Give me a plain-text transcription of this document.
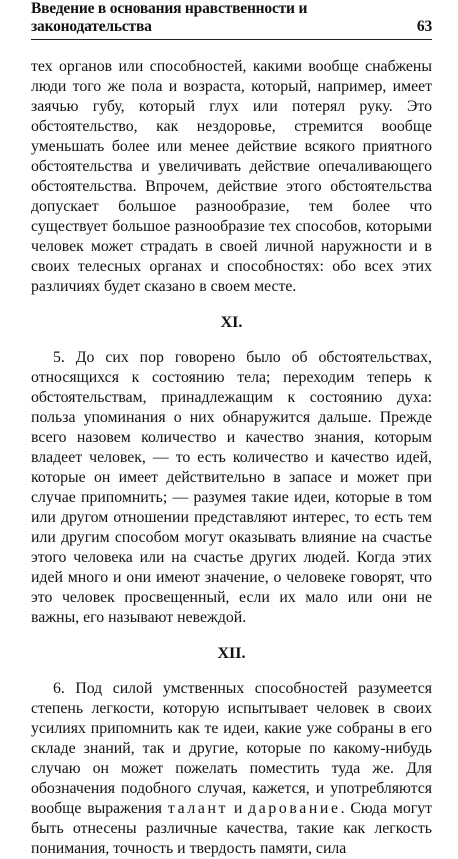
Введение в основания нравственности и законодательства	63

тех органов или способностей, какими вообще снабжены люди того же пола и возраста, который, например, имеет заячью губу, который глух или потерял руку. Это обстоятельство, как нездоровье, стремится вообще уменьшать более или менее действие всякого приятного обстоятельства и увеличивать действие опечаливающего обстоятельства. Впрочем, действие этого обстоятельства допускает большое разнообразие, тем более что существует большое разнообразие тех способов, которыми человек может страдать в своей личной наружности и в своих телесных органах и способностях: обо всех этих различиях будет сказано в своем месте.

XI.

5. До сих пор говорено было об обстоятельствах, относящихся к состоянию тела; переходим теперь к обстоятельствам, принадлежащим к состоянию духа: польза упоминания о них обнаружится дальше. Прежде всего назовем количество и качество знания, которым владеет человек, — то есть количество и качество идей, которые он имеет действительно в запасе и может при случае припомнить; — разумея такие идеи, которые в том или другом отношении представляют интерес, то есть тем или другим способом могут оказывать влияние на счастье этого человека или на счастье других людей. Когда этих идей много и они имеют значение, о человеке говорят, что это человек просвещенный, если их мало или они не важны, его называют невеждой.

XII.

6. Под силой умственных способностей разумеется степень легкости, которую испытывает человек в своих усилиях припомнить как те идеи, какие уже собраны в его складе знаний, так и другие, которые по какому-нибудь случаю он может пожелать поместить туда же. Для обозначения подобного случая, кажется, и употребляются вообще выражения талант и дарование. Сюда могут быть отнесены различные качества, такие как легкость понимания, точность и твердость памяти, сила
